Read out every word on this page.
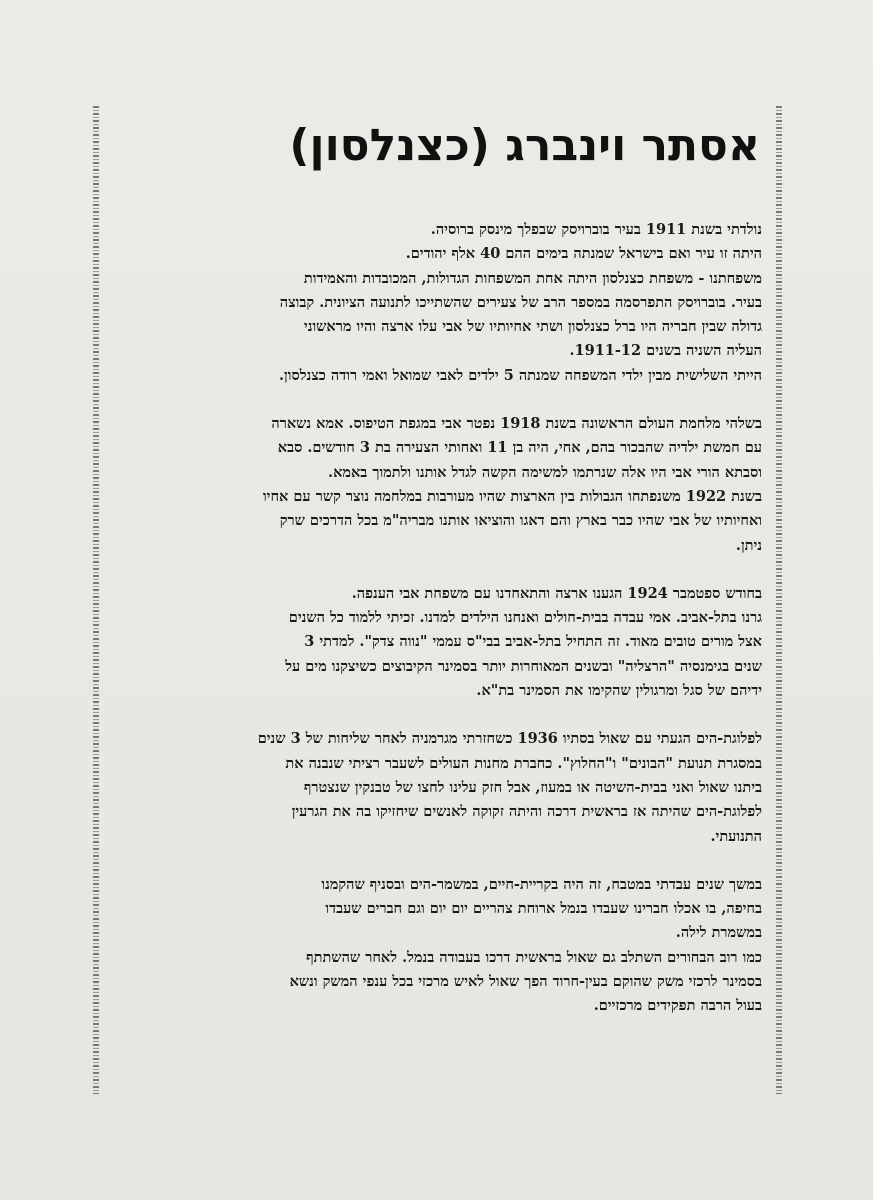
אסתר וינברג (כצנלסון)
נולדתי בשנת 1911 בעיר בוברויסק שבפלך מינסק ברוסיה.
היתה זו עיר ואם בישראל שמנתה בימים ההם 40 אלף יהודים.
משפחתנו - משפחת כצנלסון היתה אחת המשפחות הגדולות, המכובדות והאמידות
בעיר. בוברויסק התפרסמה במספר הרב של צעירים שהשתייכו לתנועה הציונית. קבוצה
גדולה שבין חבריה היו ברל כצנלסון ושתי אחיותיו של אבי עלו ארצה והיו מראשוני
העליה השניה בשנים 1911-12.
הייתי השלישית מבין ילדי המשפחה שמנתה 5 ילדים לאבי שמואל ואמי רודה כצנלסון.
בשלהי מלחמת העולם הראשונה בשנת 1918 נפטר אבי במגפת הטיפוס. אמא נשארה
עם חמשת ילדיה שהבכור בהם, אחי, היה בן 11 ואחותי הצעירה בת 3 חודשים. סבא
וסבתא הורי אבי היו אלה שנרתמו למשימה הקשה לגדל אותנו ולתמוך באמא.
בשנת 1922 משנפתחו הגבולות בין הארצות שהיו מעורבות במלחמה נוצר קשר עם אחיו
ואחיותיו של אבי שהיו כבר בארץ והם דאגו והוציאו אותנו מבריה"מ בכל הדרכים שרק
ניתן.
בחודש ספטמבר 1924 הגענו ארצה והתאחדנו עם משפחת אבי הענפה.
גרנו בתל-אביב. אמי עבדה בבית-חולים ואנחנו הילדים למדנו. זכיתי ללמוד כל השנים
אצל מורים טובים מאוד. זה התחיל בתל-אביב בבי"ס עממי "נווה צדק". למדתי 3
שנים בגימנסיה "הרצליה" ובשנים המאוחרות יותר בסמינר הקיבוצים כשיצקנו מים על
ידיהם של סגל ומרגולין שהקימו את הסמינר בת"א.
לפלוגת-הים הגעתי עם שאול בסתיו 1936 כשחזרתי מגרמניה לאחר שליחות של 3 שנים
במסגרת תנועת "הבונים" ו"החלוץ". כחברת מחנות העולים לשעבר רציתי שנבנה את
ביתנו שאול ואני בבית-השיטה או במעוז, אבל חזק עלינו לחצו של טבנקין שנצטרף
לפלוגת-הים שהיתה אז בראשית דרכה והיתה זקוקה לאנשים שיחזיקו בה את הגרעין
התנועתי.
במשך שנים עבדתי במטבח, זה היה בקריית-חיים, במשמר-הים ובסניף שהקמנו
בחיפה, בו אכלו חברינו שעבדו בנמל ארוחת צהריים יום יום וגם חברים שעבדו
במשמרת לילה.
כמו רוב הבחורים השתלב גם שאול בראשית דרכו בעבודה בנמל. לאחר שהשתתף
בסמינר לרכזי משק שהוקם בעין-חרוד הפך שאול לאיש מרכזי בכל ענפי המשק ונשא
בעול הרבה תפקידים מרכזיים.
